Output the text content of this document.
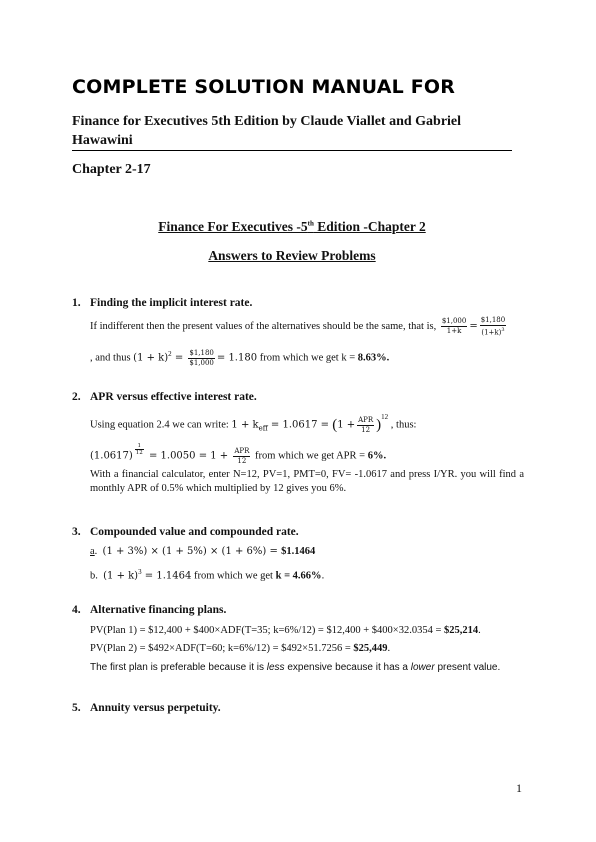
COMPLETE SOLUTION MANUAL FOR
Finance for Executives 5th Edition by Claude Viallet and Gabriel Hawawini
Chapter 2-17
Finance For Executives -5th Edition -Chapter 2
Answers to Review Problems
1. Finding the implicit interest rate.
If indifferent then the present values of the alternatives should be the same, that is, $\frac{\$1,000}{1+k} = \frac{\$1,180}{(1+k)^3}$
, and thus $(1 + k)^2 = \frac{\$1,180}{\$1,000} = 1.180$ from which we get k = 8.63%.
2. APR versus effective interest rate.
Using equation 2.4 we can write: $1 + k_{eff} = 1.0617 = (1 + \frac{\text{APR}}{12} )^{12}$ , thus:
$(1.0617) \frac{1}{12} = 1.0050 = 1 + \frac{\text{APR}}{12}$ from which we get APR = 6%.
With a financial calculator, enter N=12, PV=1, PMT=0, FV= -1.0617 and press I/YR. you will find a monthly APR of 0.5% which multiplied by 12 gives you 6%.
3. Compounded value and compounded rate.
a.  (1 + 3%) × (1 + 5%) × (1 + 6%) = $1.1464
b. $(1 + k)^3 = 1.1464$ from which we get k = 4.66%.
4. Alternative financing plans.
PV(Plan 1) = $12,400 + $400×ADF(T=35; k=6%/12) = $12,400 + $400×32.0354 = $25,214.
PV(Plan 2) = $492×ADF(T=60; k=6%/12) = $492×51.7256 = $25,449.
The first plan is preferable because it is less expensive because it has a lower present value.
5. Annuity versus perpetuity.
1
